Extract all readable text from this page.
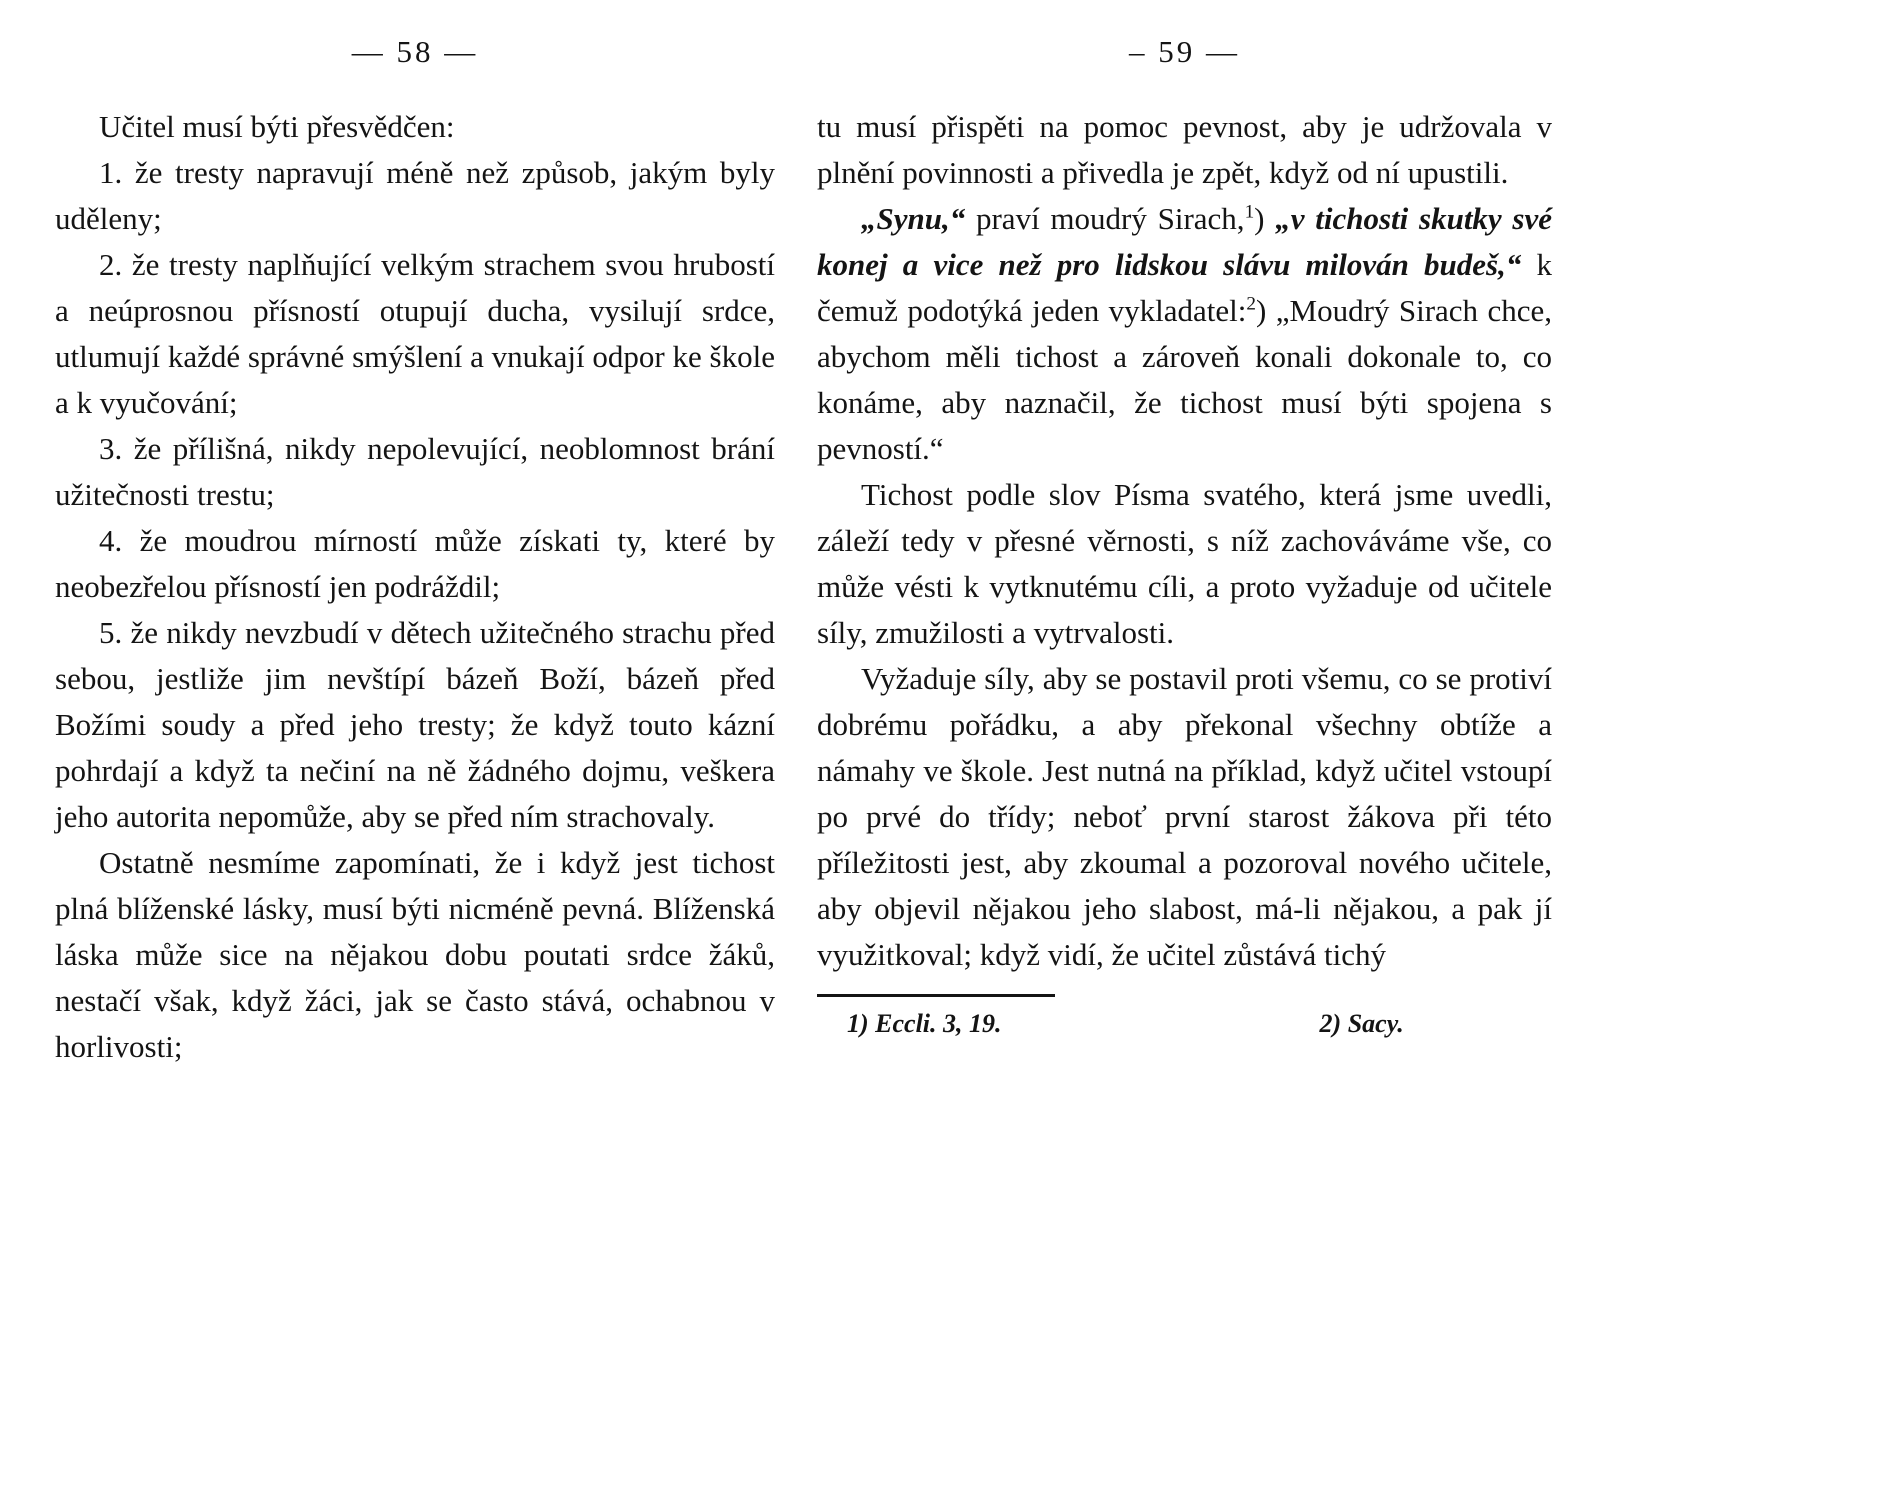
— 58 —

Učitel musí býti přesvědčen:

1. že tresty napravují méně než způsob, jakým byly uděleny;

2. že tresty naplňující velkým strachem svou hrubostí a neúprosnou přísností otupují ducha, vysilují srdce, utlumují každé správné smýšlení a vnukají odpor ke škole a k vyučování;

3. že přílišná, nikdy nepolevující, neoblomnost brání užitečnosti trestu;

4. že moudrou mírností může získati ty, které by neobezřelou přísností jen podráždil;

5. že nikdy nevzbudí v dětech užitečného strachu před sebou, jestliže jim nevštípí bázeň Boží, bázeň před Božími soudy a před jeho tresty; že když touto kázní pohrdají a když ta nečiní na ně žádného dojmu, veškera jeho autorita nepomůže, aby se před ním strachovaly.

Ostatně nesmíme zapomínati, že i když jest tichost plná blíženské lásky, musí býti nicméně pevná. Blíženská láska může sice na nějakou dobu poutati srdce žáků, nestačí však, když žáci, jak se často stává, ochabnou v horlivosti;

– 59 —

tu musí přispěti na pomoc pevnost, aby je udržovala v plnění povinnosti a přivedla je zpět, když od ní upustili.

„Synu,“ praví moudrý Sirach,$^1$) „v tichosti skutky své konej a vice než pro lidskou slávu milován budeš,“ k čemuž podotýká jeden vykladatel:$^2$) „Moudrý Sirach chce, abychom měli tichost a zároveň konali dokonale to, co konáme, aby naznačil, že tichost musí býti spojena s pevností.“

Tichost podle slov Písma svatého, která jsme uvedli, záleží tedy v přesné věrnosti, s níž zachováváme vše, co může vésti k vytknutému cíli, a proto vyžaduje od učitele síly, zmužilosti a vytrvalosti.

Vyžaduje síly, aby se postavil proti všemu, co se protiví dobrému pořádku, a aby překonal všechny obtíže a námahy ve škole. Jest nutná na příklad, když učitel vstoupí po prvé do třídy; neboť první starost žákova při této příležitosti jest, aby zkoumal a pozoroval nového učitele, aby objevil nějakou jeho slabost, má-li nějakou, a pak jí využitkoval; když vidí, že učitel zůstává tichý

1) Eccli. 3, 19.	2) Sacy.
